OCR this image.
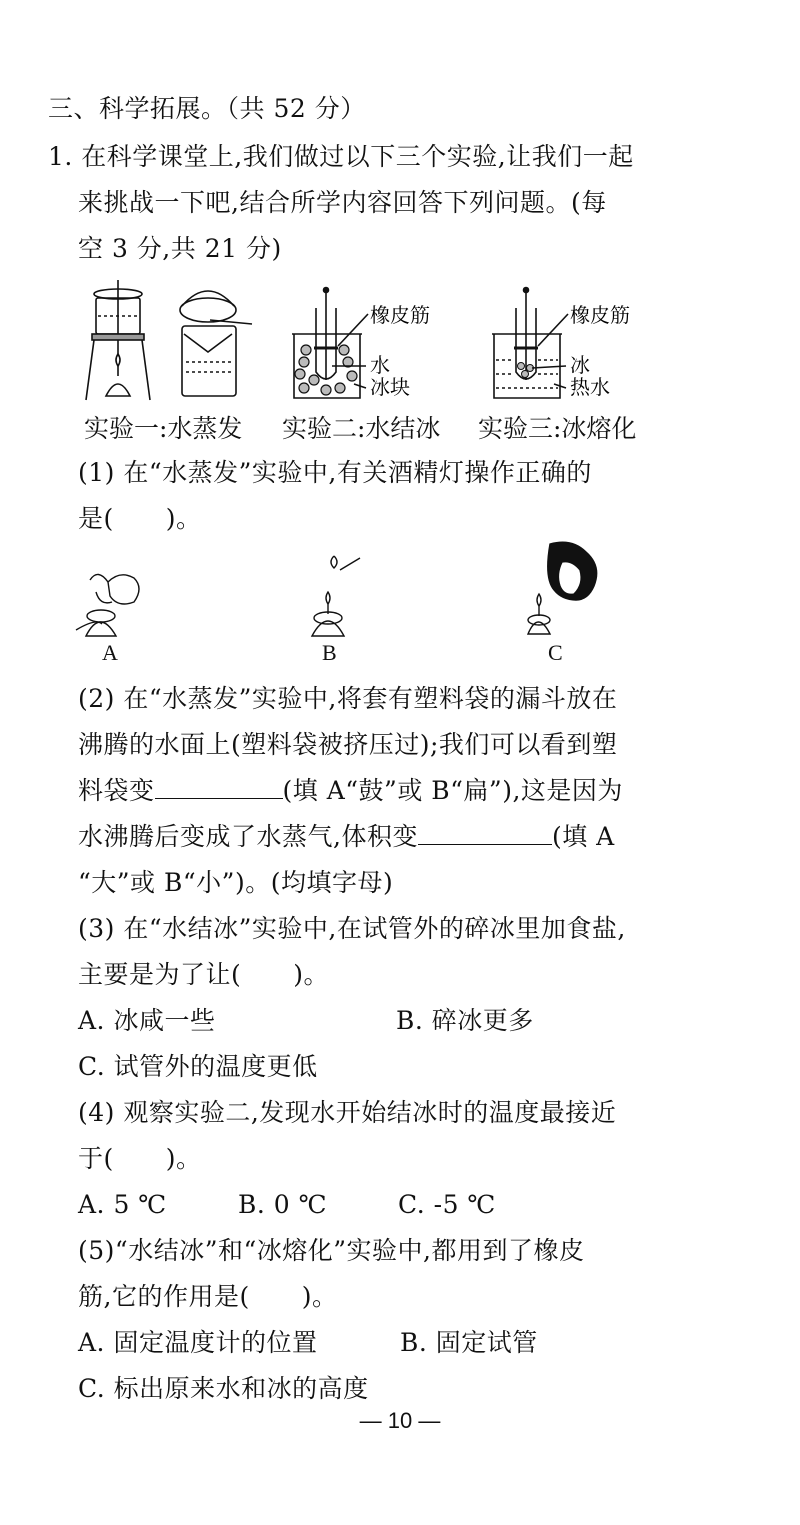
三、科学拓展。（共 52 分）
1. 在科学课堂上,我们做过以下三个实验,让我们一起
来挑战一下吧,结合所学内容回答下列问题。(每
空 3 分,共 21 分)
橡皮筋
水
冰块
橡皮筋
冰
热水
实验一:水蒸发 实验二:水结冰 实验三:冰熔化
(1) 在“水蒸发”实验中,有关酒精灯操作正确的
是( )。
A	B	C
(2) 在“水蒸发”实验中,将套有塑料袋的漏斗放在
沸腾的水面上(塑料袋被挤压过);我们可以看到塑
料袋变	(填 A“鼓”或 B“扁”),这是因为
水沸腾后变成了水蒸气,体积变	(填 A
“大”或 B“小”)。(均填字母)
(3) 在“水结冰”实验中,在试管外的碎冰里加食盐,
主要是为了让( )。
A. 冰咸一些	B. 碎冰更多
C. 试管外的温度更低
(4) 观察实验二,发现水开始结冰时的温度最接近
于( )。
A. 5 ℃	B. 0 ℃	C. -5 ℃
(5)“水结冰”和“冰熔化”实验中,都用到了橡皮
筋,它的作用是( )。
A. 固定温度计的位置	B. 固定试管
C. 标出原来水和冰的高度
— 10 —
